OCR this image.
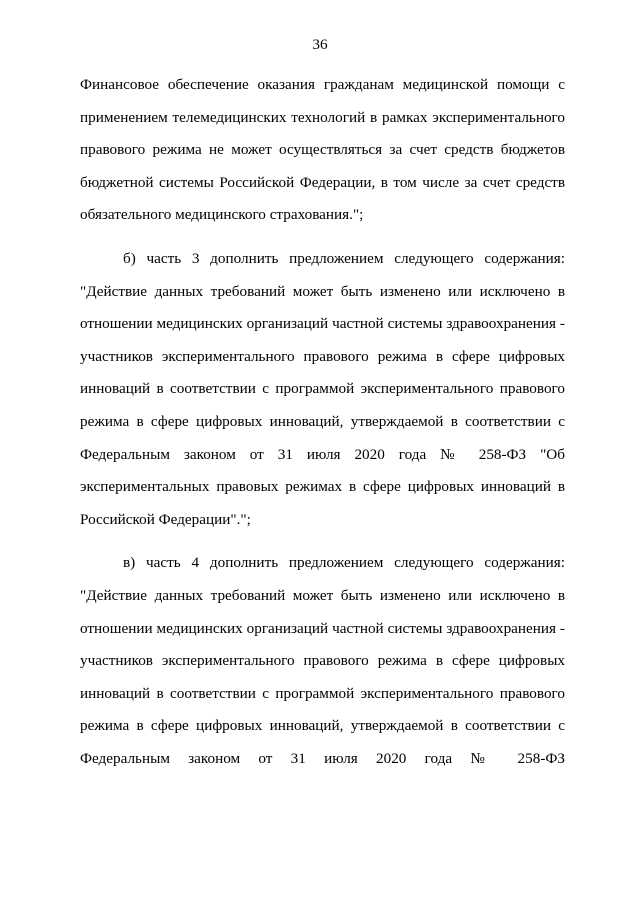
36
Финансовое обеспечение оказания гражданам медицинской помощи с
применением телемедицинских технологий в рамках экспериментального
правового режима не может осуществляться за счет средств бюджетов
бюджетной системы Российской Федерации, в том числе за счет средств
обязательного медицинского страхования.";
б) часть 3 дополнить предложением следующего содержания:
"Действие данных требований может быть изменено или исключено в
отношении медицинских организаций частной системы здравоохранения -
участников экспериментального правового режима в сфере цифровых
инноваций в соответствии с программой экспериментального правового
режима в сфере цифровых инноваций, утверждаемой в соответствии с
Федеральным законом от 31 июля 2020 года № 258-ФЗ "Об
экспериментальных правовых режимах в сфере цифровых инноваций в
Российской Федерации".";
в) часть 4 дополнить предложением следующего содержания:
"Действие данных требований может быть изменено или исключено в
отношении медицинских организаций частной системы здравоохранения -
участников экспериментального правового режима в сфере цифровых
инноваций в соответствии с программой экспериментального правового
режима в сфере цифровых инноваций, утверждаемой в соответствии с
Федеральным законом от 31 июля 2020 года № 258-ФЗ
